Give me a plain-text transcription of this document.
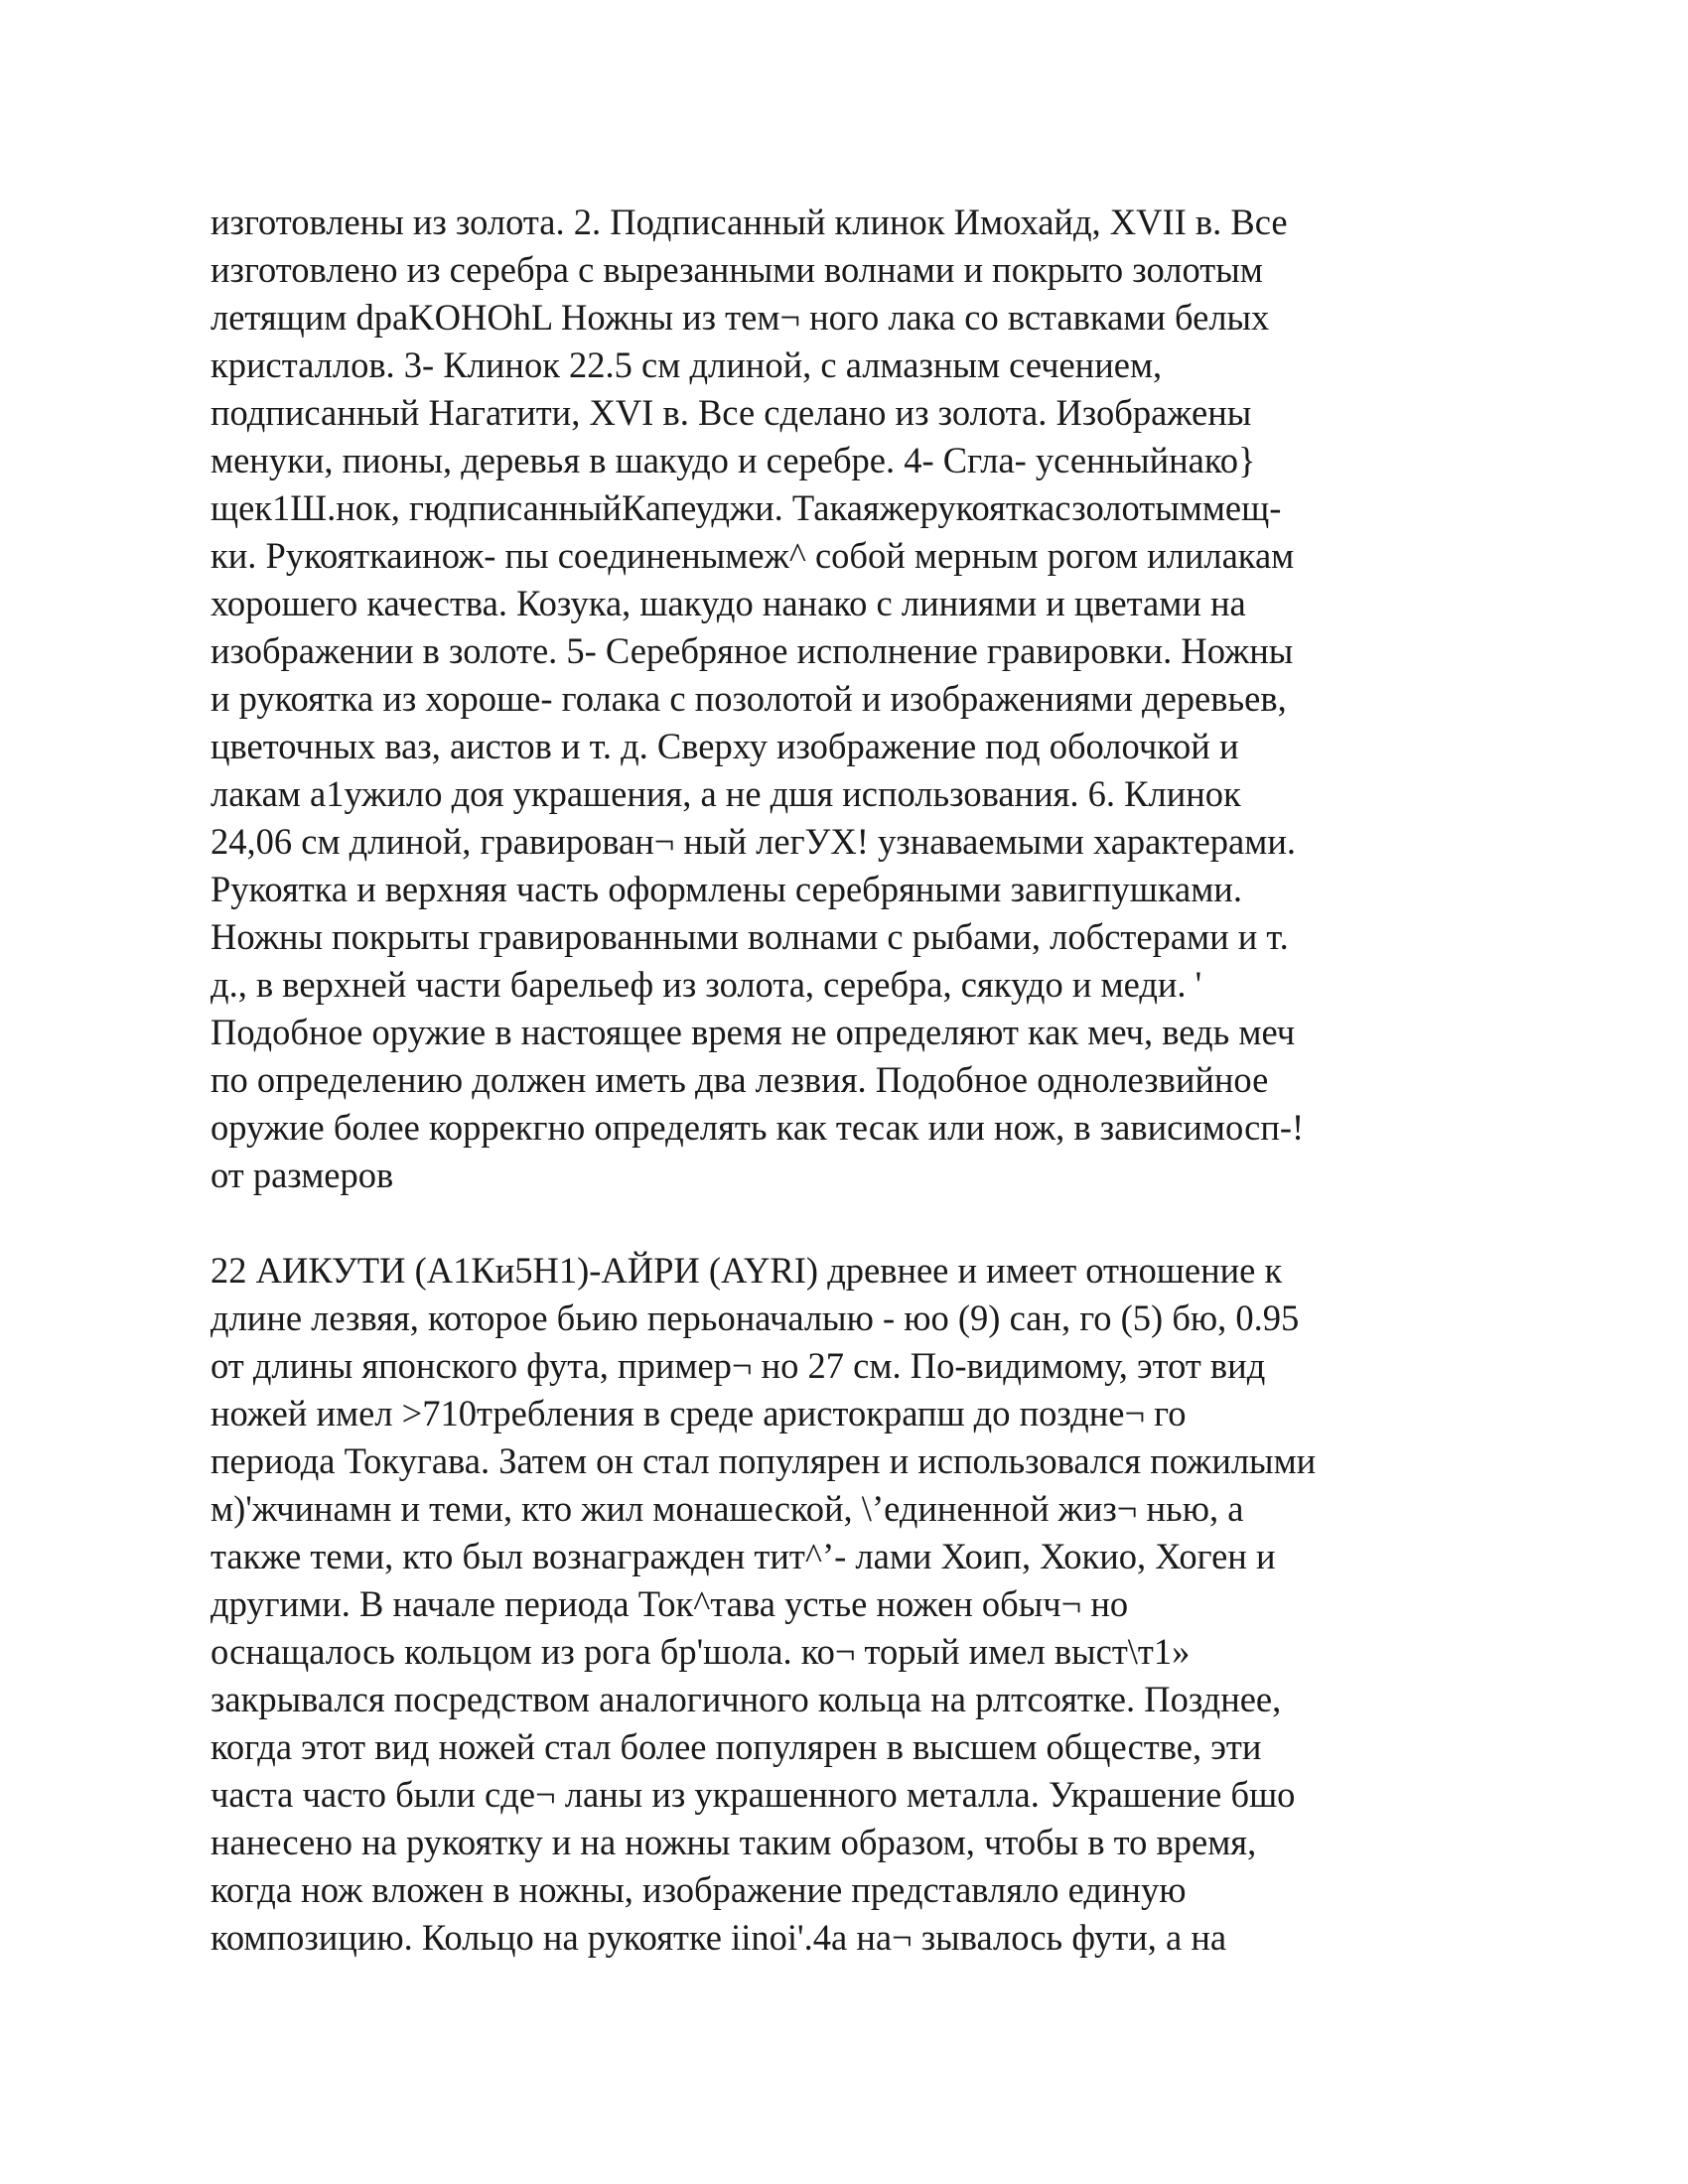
изготовлены из золота. 2. Подписанный клинок Имохайд, XVII в. Все
изготовлено из серебра с вырезанными волнами и покрыто золотым
летящим dpaKOHOhL Ножны из тем¬ ного лака со вставками белых
кристаллов. 3- Клинок 22.5 см длиной, с алмазным сечением,
подписанный Нагатити, XVI в. Все сделано из золота. Изображены
менуки, пионы, деревья в шакудо и серебре. 4- Сгла- усенныйнако}
щек1Ш.нок, гюдписанныйКапеуджи. Такаяжерукояткасзолотыммещ-
ки. Рукояткаинож- пы соединенымеж^ собой мерным рогом илилакам
хорошего качества. Козука, шакудо нанако с линиями и цветами на
изображении в золоте. 5- Серебряное исполнение гравировки. Ножны
и рукоятка из хороше- голака с позолотой и изображениями деревьев,
цветочных ваз, аистов и т. д. Сверху изображение под оболочкой и
лакам а1ужило доя украшения, а не дшя использования. 6. Клинок
24,06 см длиной, гравирован¬ ный легУХ! узнаваемыми характерами.
Рукоятка и верхняя часть оформлены серебряными завигпушками.
Ножны покрыты гравированными волнами с рыбами, лобстерами и т.
д., в верхней части барельеф из золота, серебра, сякудо и меди. '
Подобное оружие в настоящее время не определяют как меч, ведь меч
по определению должен иметь два лезвия. Подобное однолезвийное
оружие более коррекгно определять как тесак или нож, в зависимосп-!
от размеров
22 АИКУТИ (А1Ки5Н1)-АЙРИ (AYRI) древнее и имеет отношение к
длине лезвяя, которое бьию перьоначалыю - юо (9) сан, го (5) бю, 0.95
от длины японского фута, пример¬ но 27 см. По-видимому, этот вид
ножей имел >710требления в среде аристокрапш до поздне¬ го
периода Токугава. Затем он стал популярен и использовался пожилыми
м)'жчинамн и теми, кто жил монашеской, \’единенной жиз¬ нью, а
также теми, кто был вознагражден тит^’- лами Хоип, Хокио, Хоген и
другими. В начале периода Ток^тава устье ножен обыч¬ но
оснащалось кольцом из рога бр'шола. ко¬ торый имел выст\т1»
закрывался посредством аналогичного кольца на рлтсоятке. Позднее,
когда этот вид ножей стал более популярен в высшем обществе, эти
часта часто были сде¬ ланы из украшенного металла. Украшение бшо
нанесено на рукоятку и на ножны таким образом, чтобы в то время,
когда нож вложен в ножны, изображение представляло единую
композицию. Кольцо на рукоятке iinoi'.4а на¬ зывалось фути, а на
